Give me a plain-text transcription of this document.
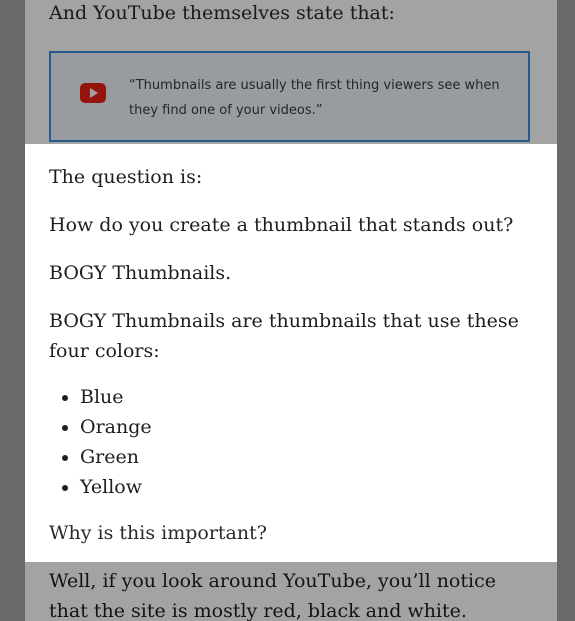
And YouTube themselves state that:

“Thumbnails are usually the first thing viewers see when they find one of your videos.”

The question is:

How do you create a thumbnail that stands out?

BOGY Thumbnails.

BOGY Thumbnails are thumbnails that use these four colors:

• Blue
• Orange
• Green
• Yellow

Why is this important?

Well, if you look around YouTube, you’ll notice that the site is mostly red, black and white.
